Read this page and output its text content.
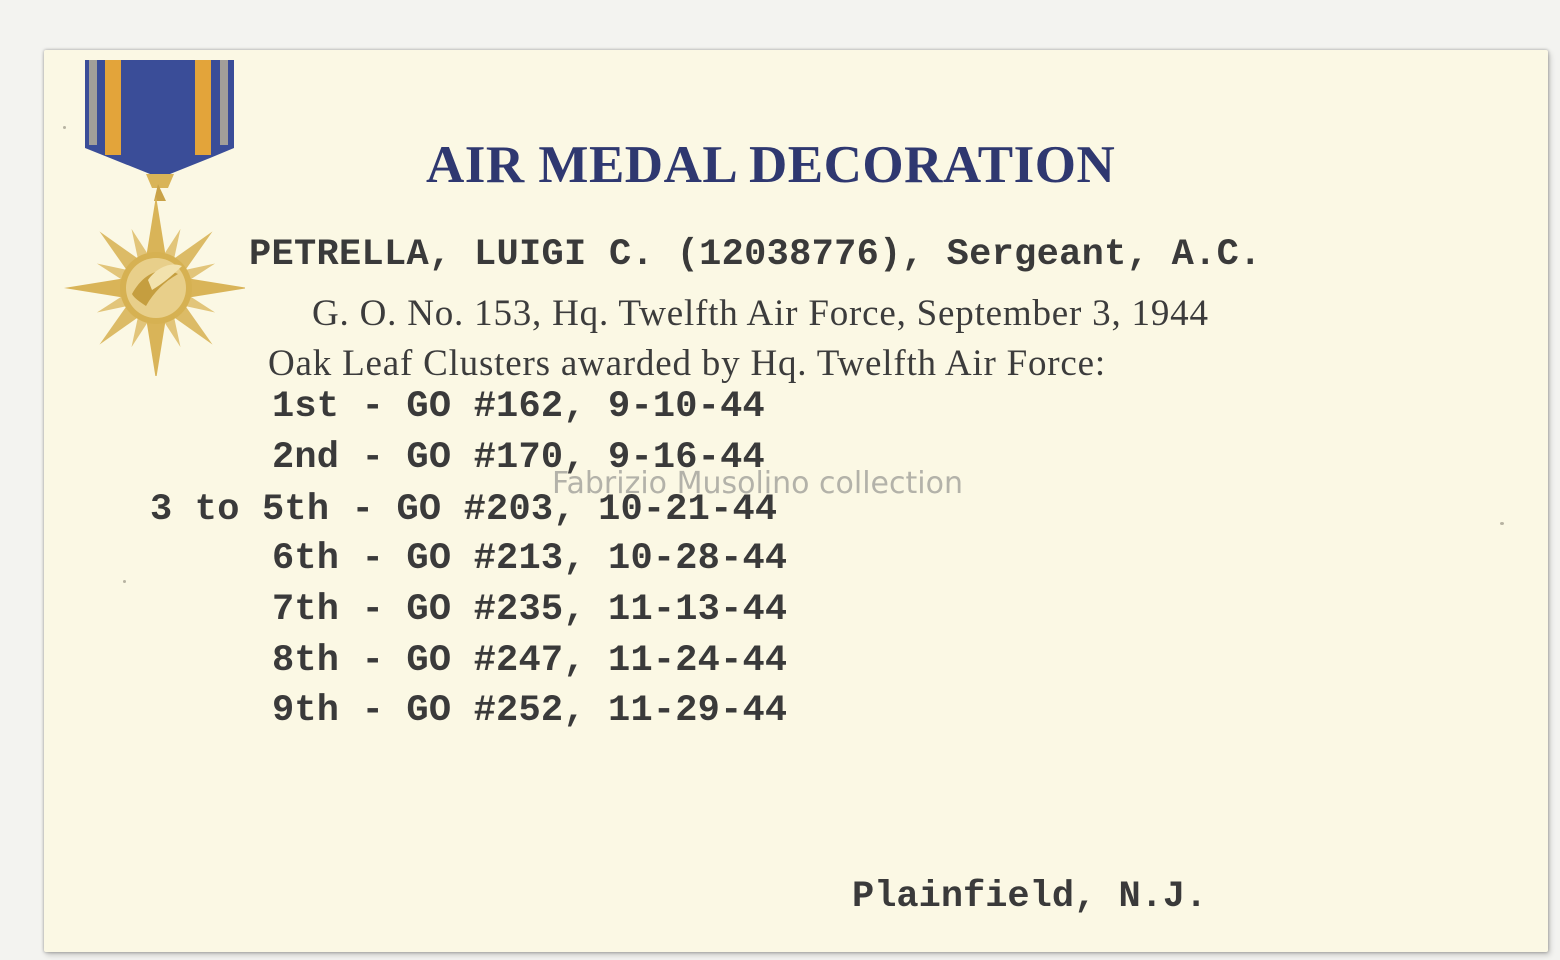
AIR MEDAL DECORATION
PETRELLA, LUIGI C. (12038776), Sergeant, A.C.
G. O. No. 153, Hq. Twelfth Air Force, September 3, 1944
Oak Leaf Clusters awarded by Hq. Twelfth Air Force:
1st - GO #162, 9-10-44
2nd - GO #170, 9-16-44
3 to 5th - GO #203, 10-21-44
6th - GO #213, 10-28-44
7th - GO #235, 11-13-44
8th - GO #247, 11-24-44
9th - GO #252, 11-29-44
Plainfield, N.J.
Fabrizio Musolino collection
